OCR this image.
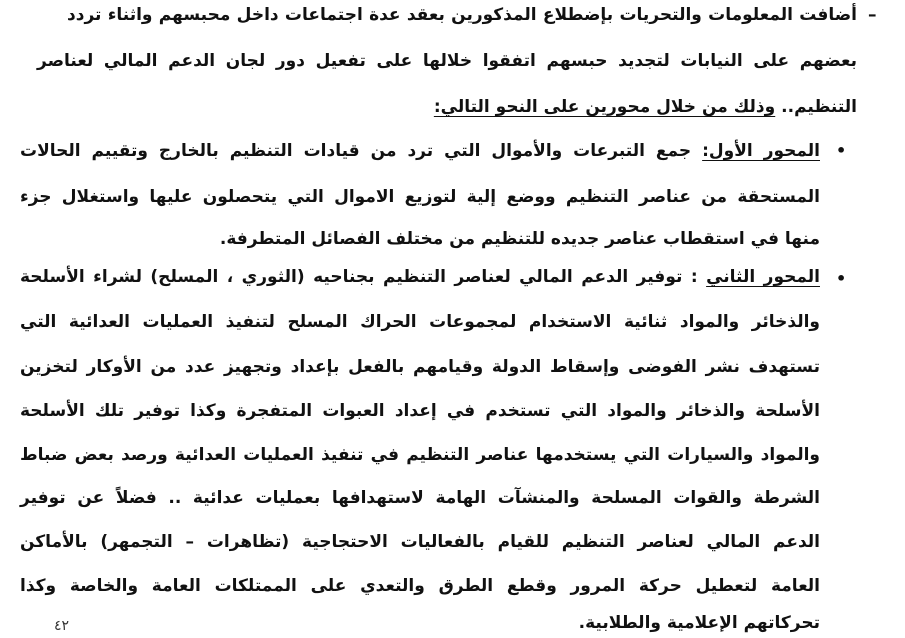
–
أضافت المعلومات والتحريات بإضطلاع المذكورين بعقد عدة اجتماعات داخل محبسهم واثناء تردد
بعضهم على النيابات لتجديد حبسهم اتفقوا خلالها على تفعيل دور لجان الدعم المالي لعناصر
التنظيم.. وذلك من خلال محورين على النحو التالي:
•
المحور الأول: جمع التبرعات والأموال التي ترد من قيادات التنظيم بالخارج وتقييم الحالات
المستحقة من عناصر التنظيم ووضع إلية لتوزيع الاموال التي يتحصلون عليها واستغلال جزء
منها في استقطاب عناصر جديده للتنظيم من مختلف الفصائل المتطرفة.
•
المحور الثاني : توفير الدعم المالي لعناصر التنظيم بجناحيه (الثوري ، المسلح) لشراء الأسلحة
والذخائر والمواد ثنائية الاستخدام لمجموعات الحراك المسلح لتنفيذ العمليات العدائية التي
تستهدف نشر الفوضى وإسقاط الدولة وقيامهم بالفعل بإعداد وتجهيز عدد من الأوكار لتخزين
الأسلحة والذخائر والمواد التي تستخدم في إعداد العبوات المتفجرة وكذا توفير تلك الأسلحة
والمواد والسيارات التي يستخدمها عناصر التنظيم في تنفيذ العمليات العدائية ورصد بعض ضباط
الشرطة والقوات المسلحة والمنشآت الهامة لاستهدافها بعمليات عدائية .. فضلاً عن توفير
الدعم المالي لعناصر التنظيم للقيام بالفعاليات الاحتجاجية (تظاهرات – التجمهر) بالأماكن
العامة لتعطيل حركة المرور وقطع الطرق والتعدي على الممتلكات العامة والخاصة وكذا
تحركاتهم الإعلامية والطلابية.
٤٢
